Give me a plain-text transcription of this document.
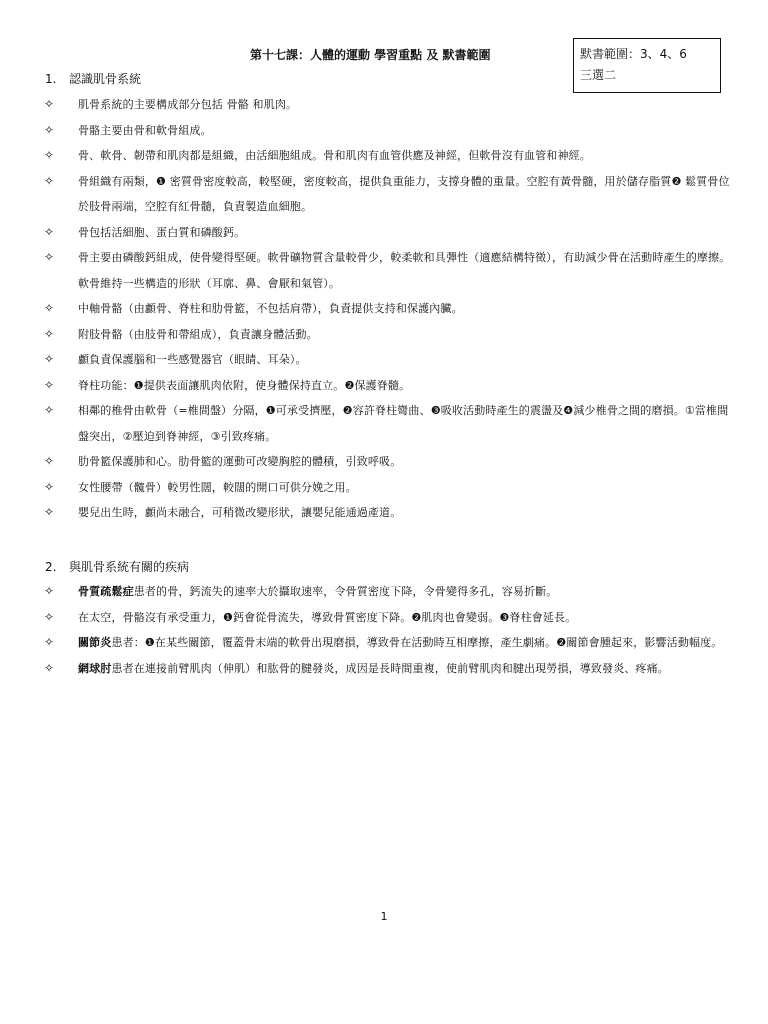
第十七課：人體的運動 學習重點 及 默書範圍	默書範圍：3、4、6
三選二
1. 認識肌骨系統
✧ 肌骨系統的主要構成部分包括 骨骼 和肌肉。
✧ 骨骼主要由骨和軟骨組成。
✧ 骨、軟骨、韌帶和肌肉都是組織，由活細胞組成。骨和肌肉有血管供應及神經，但軟骨沒有血管和神經。
✧ 骨組織有兩類，❶ 密質骨密度較高，較堅硬，密度較高，提供負重能力，支撐身體的重量。空腔有黃骨髓，用於儲存脂質❷ 鬆質骨位於肢骨兩端，空腔有紅骨髓，負責製造血細胞。
✧ 骨包括活細胞、蛋白質和磷酸鈣。
✧ 骨主要由磷酸鈣組成，使骨變得堅硬。軟骨礦物質含量較骨少，較柔軟和具彈性（適應結構特徵），有助減少骨在活動時產生的摩擦。軟骨維持一些構造的形狀（耳廓、鼻、會厭和氣管）。
✧ 中軸骨骼（由顱骨、脊柱和肋骨籃，不包括肩帶），負責提供支持和保護內臟。
✧ 附肢骨骼（由肢骨和帶組成），負責讓身體活動。
✧ 顱負責保護腦和一些感覺器官（眼睛、耳朵）。
✧ 脊柱功能：❶提供表面讓肌肉依附，使身體保持直立。❷保護脊髓。
✧ 相鄰的椎骨由軟骨（=椎間盤）分隔，❶可承受擠壓，❷容許脊柱彎曲、❸吸收活動時產生的震盪及❹減少椎骨之間的磨損。①當椎間盤突出，②壓迫到脊神經，③引致疼痛。
✧ 肋骨籃保護肺和心。肋骨籃的運動可改變胸腔的體積，引致呼吸。
✧ 女性腰帶（髖骨）較男性闊，較闊的開口可供分娩之用。
✧ 嬰兒出生時，顱尚未融合，可稍微改變形狀，讓嬰兒能通過產道。
2. 與肌骨系統有關的疾病
✧ 骨質疏鬆症患者的骨，鈣流失的速率大於攝取速率，令骨質密度下降，令骨變得多孔，容易折斷。
✧ 在太空，骨骼沒有承受重力，❶鈣會從骨流失，導致骨質密度下降。❷肌肉也會變弱。❸脊柱會延長。
✧ 關節炎患者：❶在某些關節，覆蓋骨末端的軟骨出現磨損，導致骨在活動時互相摩擦，產生劇痛。❷關節會腫起來，影響活動幅度。
✧ 網球肘患者在連接前臂肌肉（伸肌）和肱骨的腱發炎，成因是長時間重複，使前臂肌肉和腱出現勞損，導致發炎、疼痛。
1
